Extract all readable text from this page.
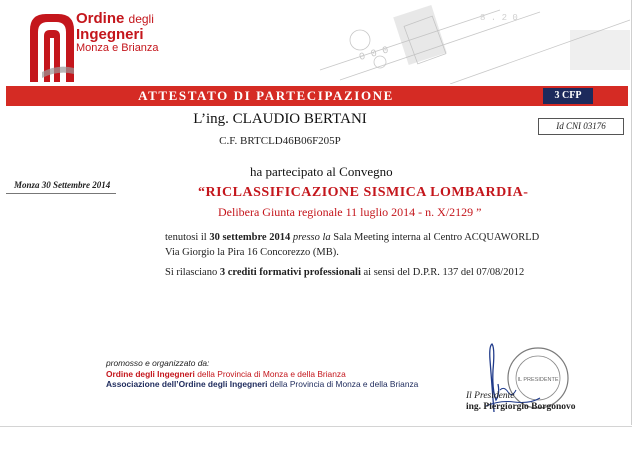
0 0 0
8 . 2 0
Ordine degli
Ingegneri
Monza e Brianza
ATTESTATO DI PARTECIPAZIONE	3 CFP
L’ing. CLAUDIO BERTANI
C.F. BRTCLD46B06F205P
Id CNI 03176
Monza 30 Settembre 2014
ha partecipato al Convegno
“RICLASSIFICAZIONE SISMICA LOMBARDIA-
Delibera Giunta regionale 11 luglio 2014 - n. X/2129 ”
tenutosi il 30 settembre 2014 presso la Sala Meeting interna al Centro ACQUAWORLD
Via Giorgio la Pira 16 Concorezzo (MB).
Si rilasciano 3 crediti formativi professionali ai sensi del D.P.R. 137 del 07/08/2012
promosso e organizzato da:
Ordine degli Ingegneri della Provincia di Monza e della Brianza
Associazione dell’Ordine degli Ingegneri della Provincia di Monza e della Brianza	IL PRESIDENTE
Il Presidente
ing. Piergiorgio Borgonovo
